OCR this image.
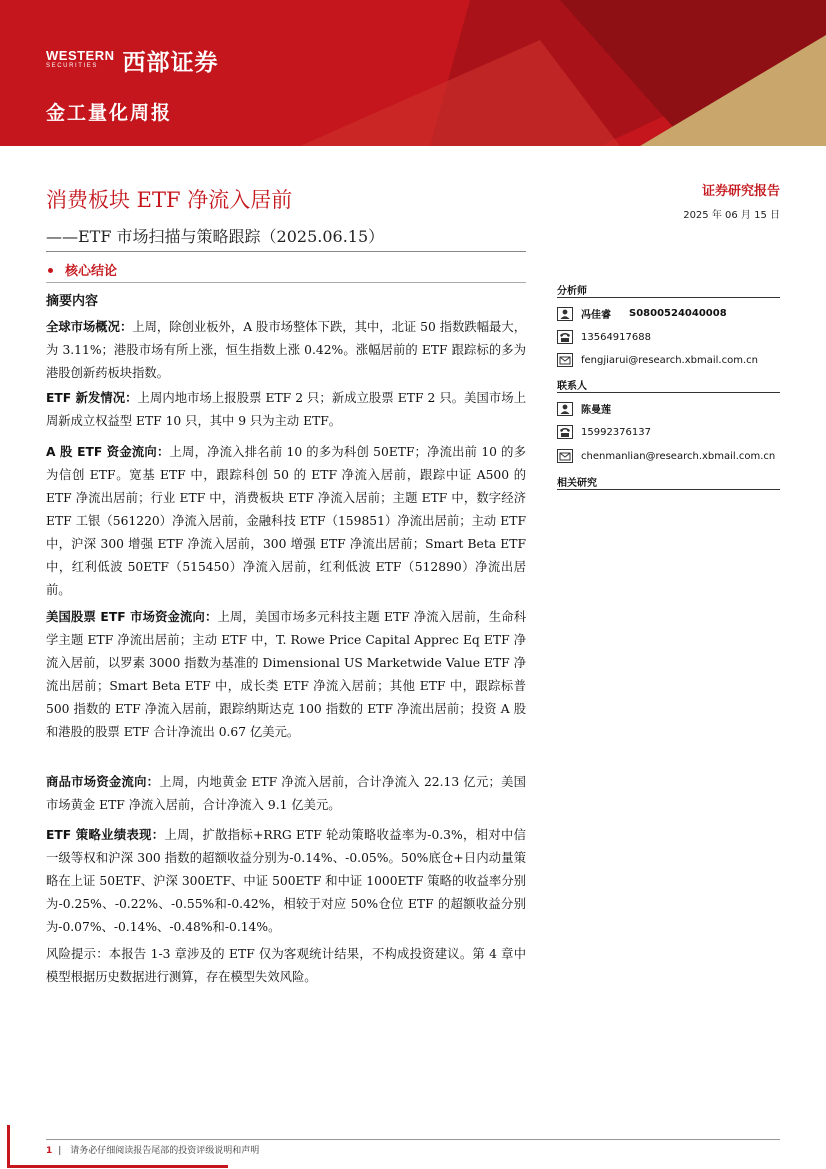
WESTERN
SECURITIES	西部证券
金工量化周报
消费板块 ETF 净流入居前
——ETF 市场扫描与策略跟踪（2025.06.15）
证券研究报告
2025 年 06 月 15 日
核心结论
摘要内容
全球市场概况：上周，除创业板外，A 股市场整体下跌，其中，北证 50 指数跌幅最大，为 3.11%；港股市场有所上涨，恒生指数上涨 0.42%。涨幅居前的 ETF 跟踪标的多为港股创新药板块指数。
ETF 新发情况：上周内地市场上报股票 ETF 2 只；新成立股票 ETF 2 只。美国市场上周新成立权益型 ETF 10 只，其中 9 只为主动 ETF。
A 股 ETF 资金流向：上周，净流入排名前 10 的多为科创 50ETF；净流出前 10 的多为信创 ETF。宽基 ETF 中，跟踪科创 50 的 ETF 净流入居前，跟踪中证 A500 的 ETF 净流出居前；行业 ETF 中，消费板块 ETF 净流入居前；主题 ETF 中，数字经济 ETF 工银（561220）净流入居前，金融科技 ETF（159851）净流出居前；主动 ETF 中，沪深 300 增强 ETF 净流入居前，300 增强 ETF 净流出居前；Smart Beta ETF 中，红利低波 50ETF（515450）净流入居前，红利低波 ETF（512890）净流出居前。
美国股票 ETF 市场资金流向：上周，美国市场多元科技主题 ETF 净流入居前，生命科学主题 ETF 净流出居前；主动 ETF 中，T. Rowe Price Capital Apprec Eq ETF 净流入居前，以罗素 3000 指数为基准的 Dimensional US Marketwide Value ETF 净流出居前；Smart Beta ETF 中，成长类 ETF 净流入居前；其他 ETF 中，跟踪标普 500 指数的 ETF 净流入居前，跟踪纳斯达克 100 指数的 ETF 净流出居前；投资 A 股和港股的股票 ETF 合计净流出 0.67 亿美元。
商品市场资金流向：上周，内地黄金 ETF 净流入居前，合计净流入 22.13 亿元；美国市场黄金 ETF 净流入居前，合计净流入 9.1 亿美元。
ETF 策略业绩表现：上周，扩散指标+RRG ETF 轮动策略收益率为-0.3%，相对中信一级等权和沪深 300 指数的超额收益分别为-0.14%、-0.05%。50%底仓+日内动量策略在上证 50ETF、沪深 300ETF、中证 500ETF 和中证 1000ETF 策略的收益率分别为-0.25%、-0.22%、-0.55%和-0.42%，相较于对应 50%仓位 ETF 的超额收益分别为-0.07%、-0.14%、-0.48%和-0.14%。
风险提示：本报告 1-3 章涉及的 ETF 仅为客观统计结果，不构成投资建议。第 4 章中模型根据历史数据进行测算，存在模型失效风险。
分析师
冯佳睿 S0800524040008
13564917688
fengjiarui@research.xbmail.com.cn
联系人
陈曼莲
15992376137
chenmanlian@research.xbmail.com.cn
相关研究
1 | 请务必仔细阅读报告尾部的投资评级说明和声明
